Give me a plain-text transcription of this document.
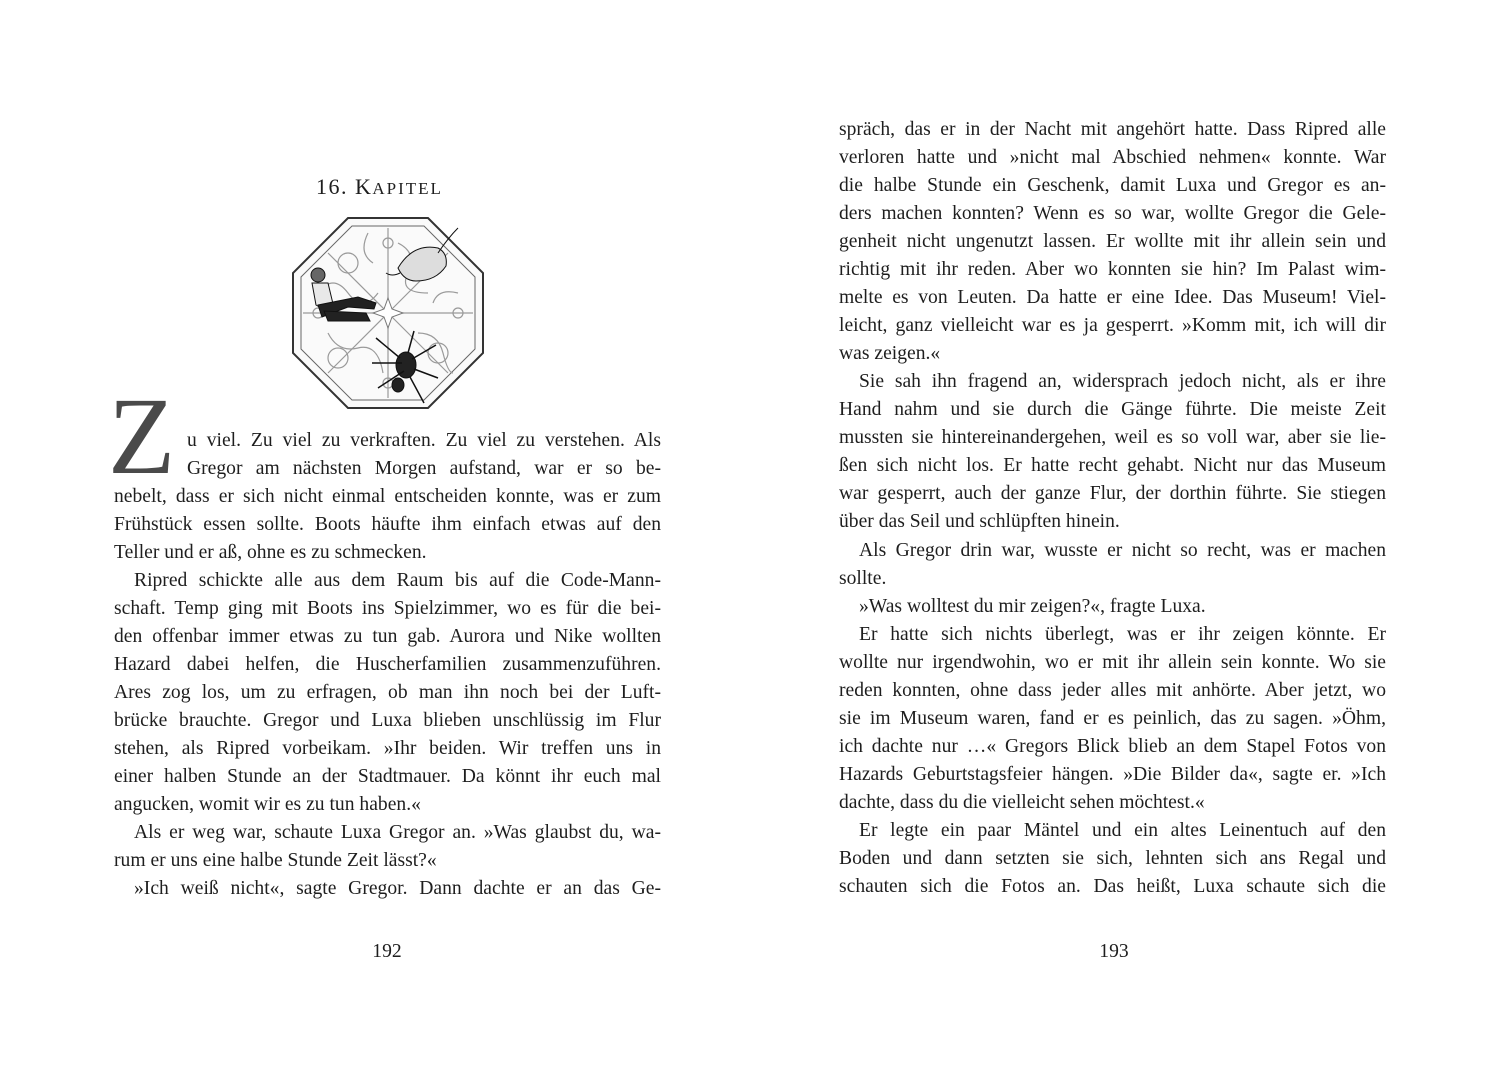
16. KAPITEL
Z u viel. Zu viel zu verkraften. Zu viel zu verstehen. Als
Gregor am nächsten Morgen aufstand, war er so be-
nebelt, dass er sich nicht einmal entscheiden konnte, was er zum
Frühstück essen sollte. Boots häufte ihm einfach etwas auf den
Teller und er aß, ohne es zu schmecken.
Ripred schickte alle aus dem Raum bis auf die Code-Mann-
schaft. Temp ging mit Boots ins Spielzimmer, wo es für die bei-
den offenbar immer etwas zu tun gab. Aurora und Nike wollten
Hazard dabei helfen, die Huscherfamilien zusammenzuführen.
Ares zog los, um zu erfragen, ob man ihn noch bei der Luft-
brücke brauchte. Gregor und Luxa blieben unschlüssig im Flur
stehen, als Ripred vorbeikam. »Ihr beiden. Wir treffen uns in
einer halben Stunde an der Stadtmauer. Da könnt ihr euch mal
angucken, womit wir es zu tun haben.«
Als er weg war, schaute Luxa Gregor an. »Was glaubst du, wa-
rum er uns eine halbe Stunde Zeit lässt?«
»Ich weiß nicht«, sagte Gregor. Dann dachte er an das Ge-
192
spräch, das er in der Nacht mit angehört hatte. Dass Ripred alle
verloren hatte und »nicht mal Abschied nehmen« konnte. War
die halbe Stunde ein Geschenk, damit Luxa und Gregor es an-
ders machen konnten? Wenn es so war, wollte Gregor die Gele-
genheit nicht ungenutzt lassen. Er wollte mit ihr allein sein und
richtig mit ihr reden. Aber wo konnten sie hin? Im Palast wim-
melte es von Leuten. Da hatte er eine Idee. Das Museum! Viel-
leicht, ganz vielleicht war es ja gesperrt. »Komm mit, ich will dir
was zeigen.«
Sie sah ihn fragend an, widersprach jedoch nicht, als er ihre
Hand nahm und sie durch die Gänge führte. Die meiste Zeit
mussten sie hintereinandergehen, weil es so voll war, aber sie lie-
ßen sich nicht los. Er hatte recht gehabt. Nicht nur das Museum
war gesperrt, auch der ganze Flur, der dorthin führte. Sie stiegen
über das Seil und schlüpften hinein.
Als Gregor drin war, wusste er nicht so recht, was er machen
sollte.
»Was wolltest du mir zeigen?«, fragte Luxa.
Er hatte sich nichts überlegt, was er ihr zeigen könnte. Er
wollte nur irgendwohin, wo er mit ihr allein sein konnte. Wo sie
reden konnten, ohne dass jeder alles mit anhörte. Aber jetzt, wo
sie im Museum waren, fand er es peinlich, das zu sagen. »Öhm,
ich dachte nur …« Gregors Blick blieb an dem Stapel Fotos von
Hazards Geburtstagsfeier hängen. »Die Bilder da«, sagte er. »Ich
dachte, dass du die vielleicht sehen möchtest.«
Er legte ein paar Mäntel und ein altes Leinentuch auf den
Boden und dann setzten sie sich, lehnten sich ans Regal und
schauten sich die Fotos an. Das heißt, Luxa schaute sich die
193
